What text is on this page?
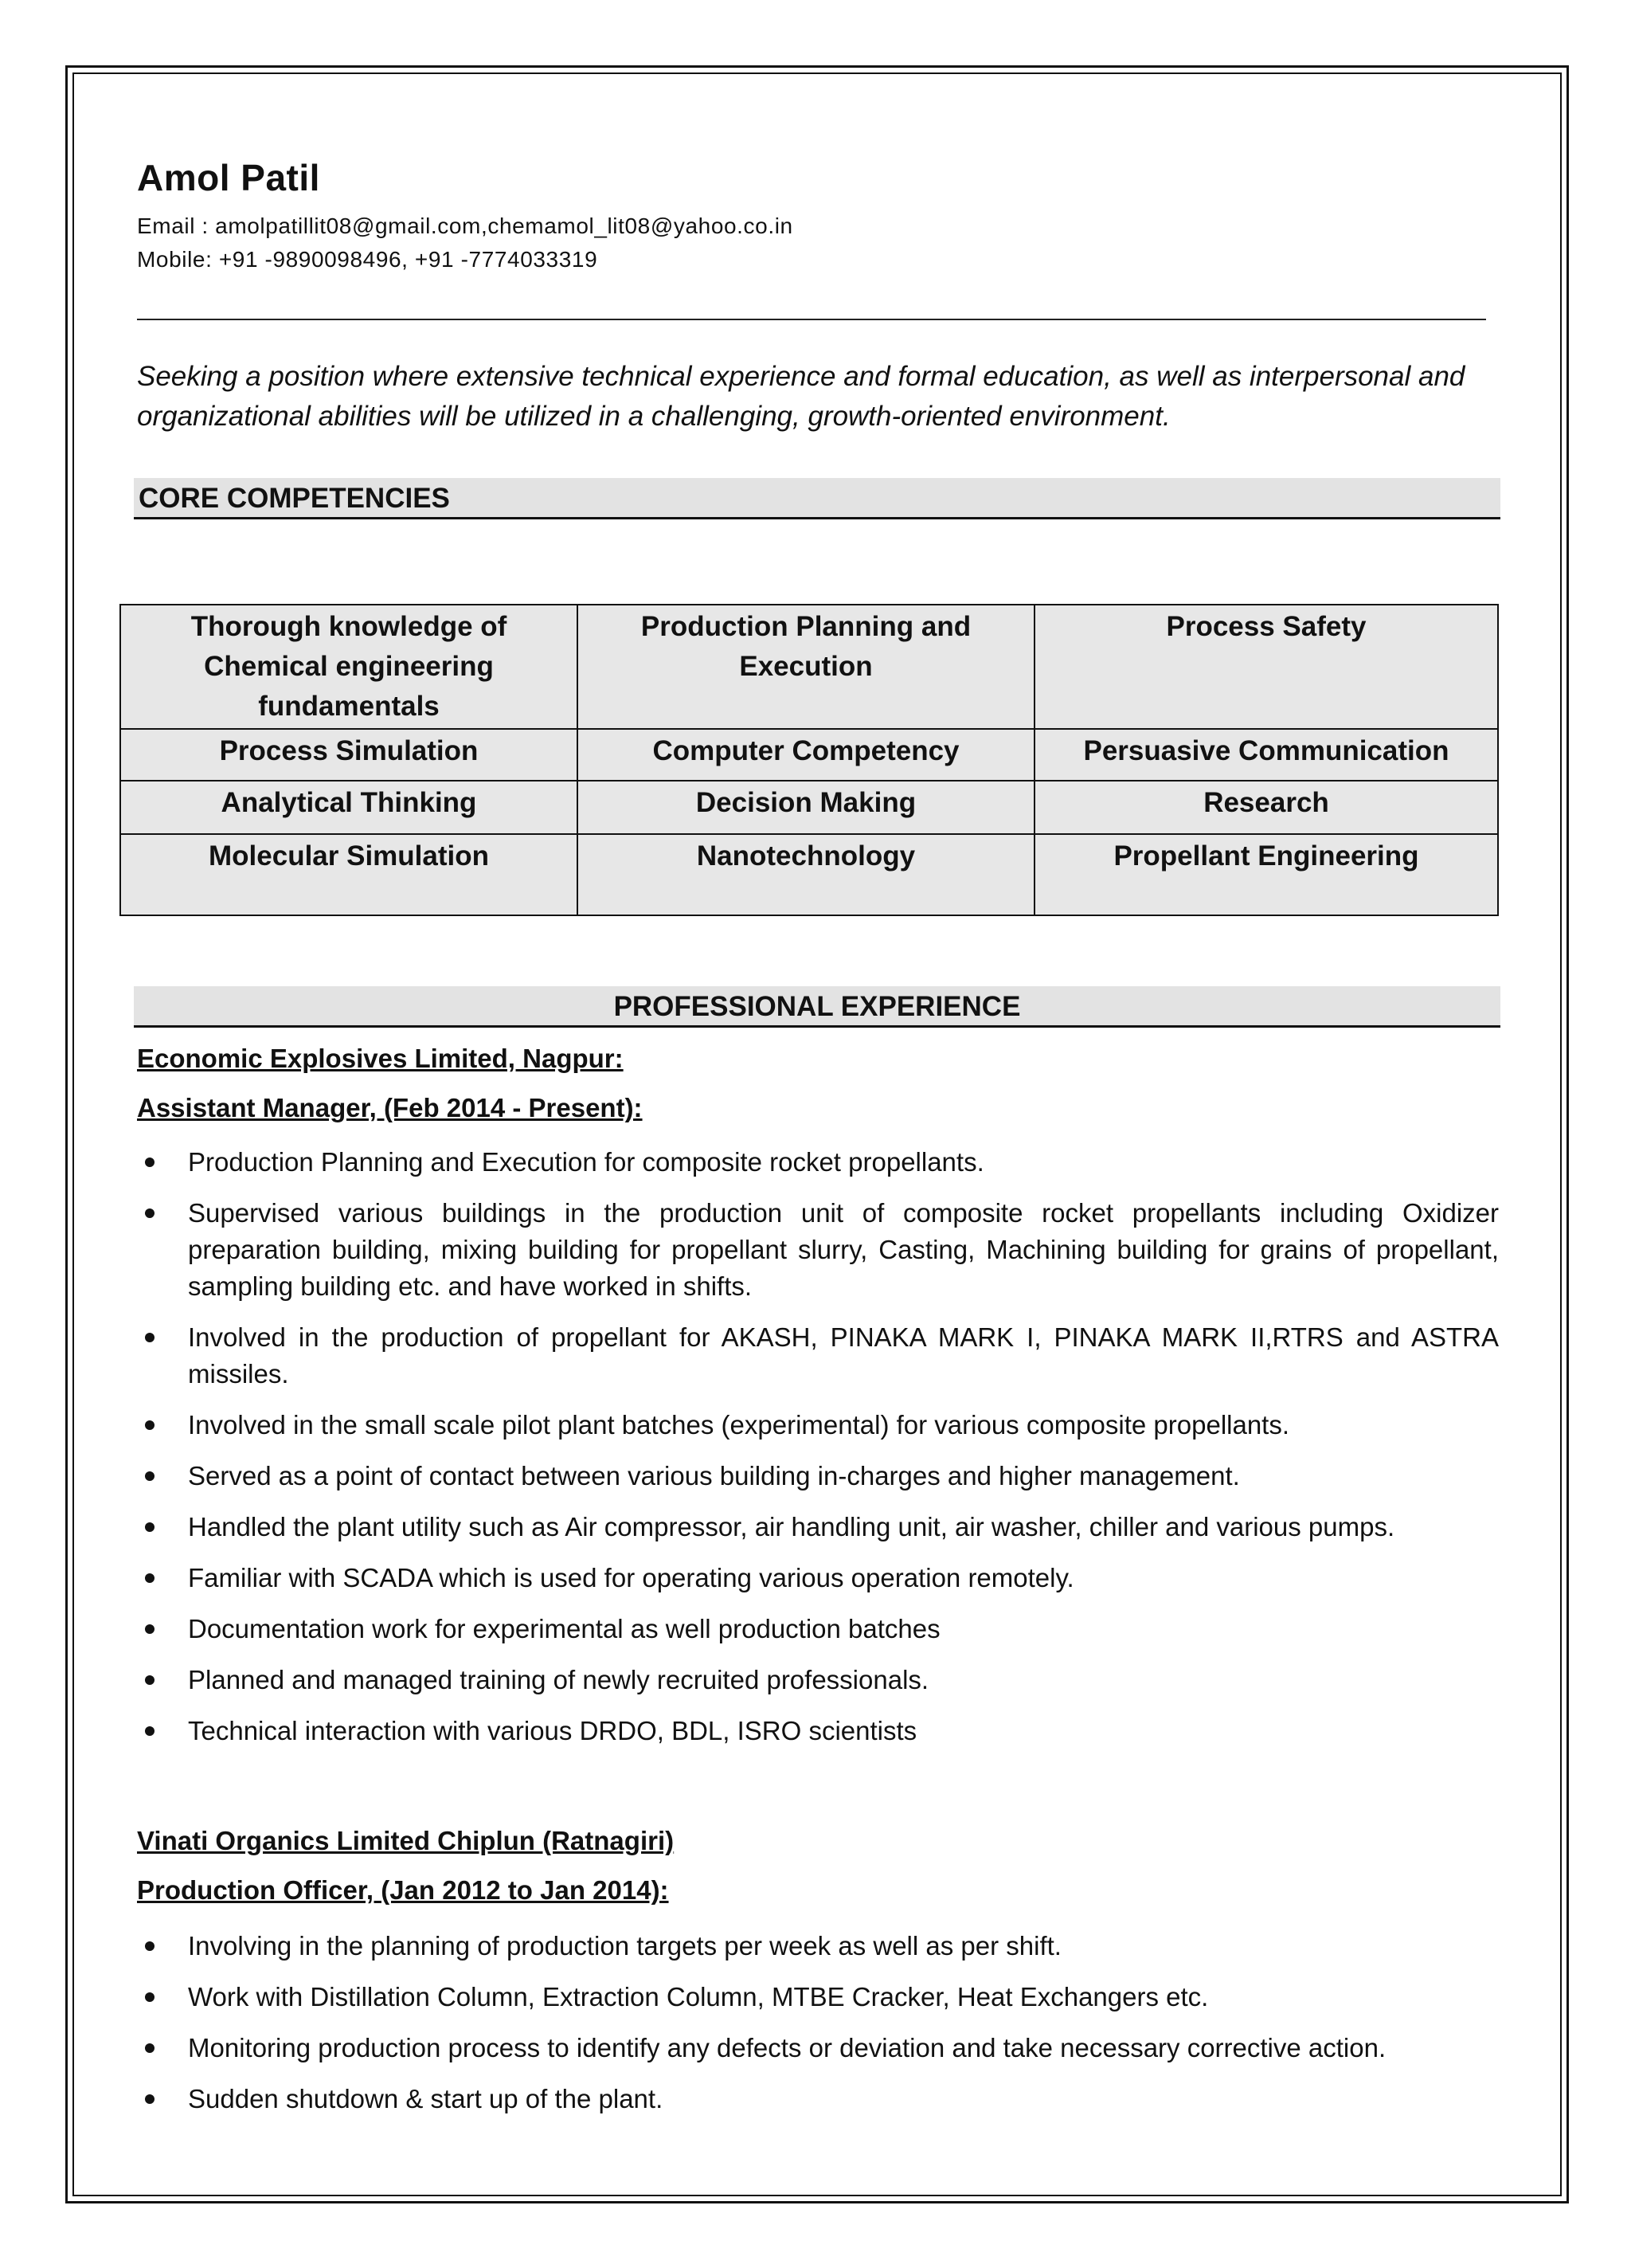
Amol Patil
Email : amolpatillit08@gmail.com,chemamol_lit08@yahoo.co.in
Mobile: +91 -9890098496, +91 -7774033319
Seeking a position where extensive technical experience and formal education, as well as interpersonal and organizational abilities will be utilized in a challenging, growth-oriented environment.
CORE COMPETENCIES
Thorough knowledge of Chemical engineering fundamentals	Production Planning and Execution	Process Safety
Process Simulation	Computer Competency	Persuasive Communication
Analytical Thinking	Decision Making	Research
Molecular Simulation	Nanotechnology	Propellant Engineering
PROFESSIONAL EXPERIENCE
Economic Explosives Limited, Nagpur:
Assistant Manager, (Feb 2014 - Present):
Production Planning and Execution for composite rocket propellants.
Supervised various buildings in the production unit of composite rocket propellants including Oxidizer preparation building, mixing building for propellant slurry, Casting, Machining building for grains of propellant, sampling building etc. and have worked in shifts.
Involved in the production of propellant for AKASH, PINAKA MARK I, PINAKA MARK II,RTRS and ASTRA missiles.
Involved in the small scale pilot plant batches (experimental) for various composite propellants.
Served as a point of contact between various building in-charges and higher management.
Handled the plant utility such as Air compressor, air handling unit, air washer, chiller and various pumps.
Familiar with SCADA which is used for operating various operation remotely.
Documentation work for experimental as well production batches
Planned and managed training of newly recruited professionals.
Technical interaction with various DRDO, BDL, ISRO scientists
Vinati Organics Limited Chiplun (Ratnagiri)
Production Officer, (Jan 2012 to Jan 2014):
Involving in the planning of production targets per week as well as per shift.
Work with Distillation Column, Extraction Column, MTBE Cracker, Heat Exchangers etc.
Monitoring production process to identify any defects or deviation and take necessary corrective action.
Sudden shutdown & start up of the plant.
